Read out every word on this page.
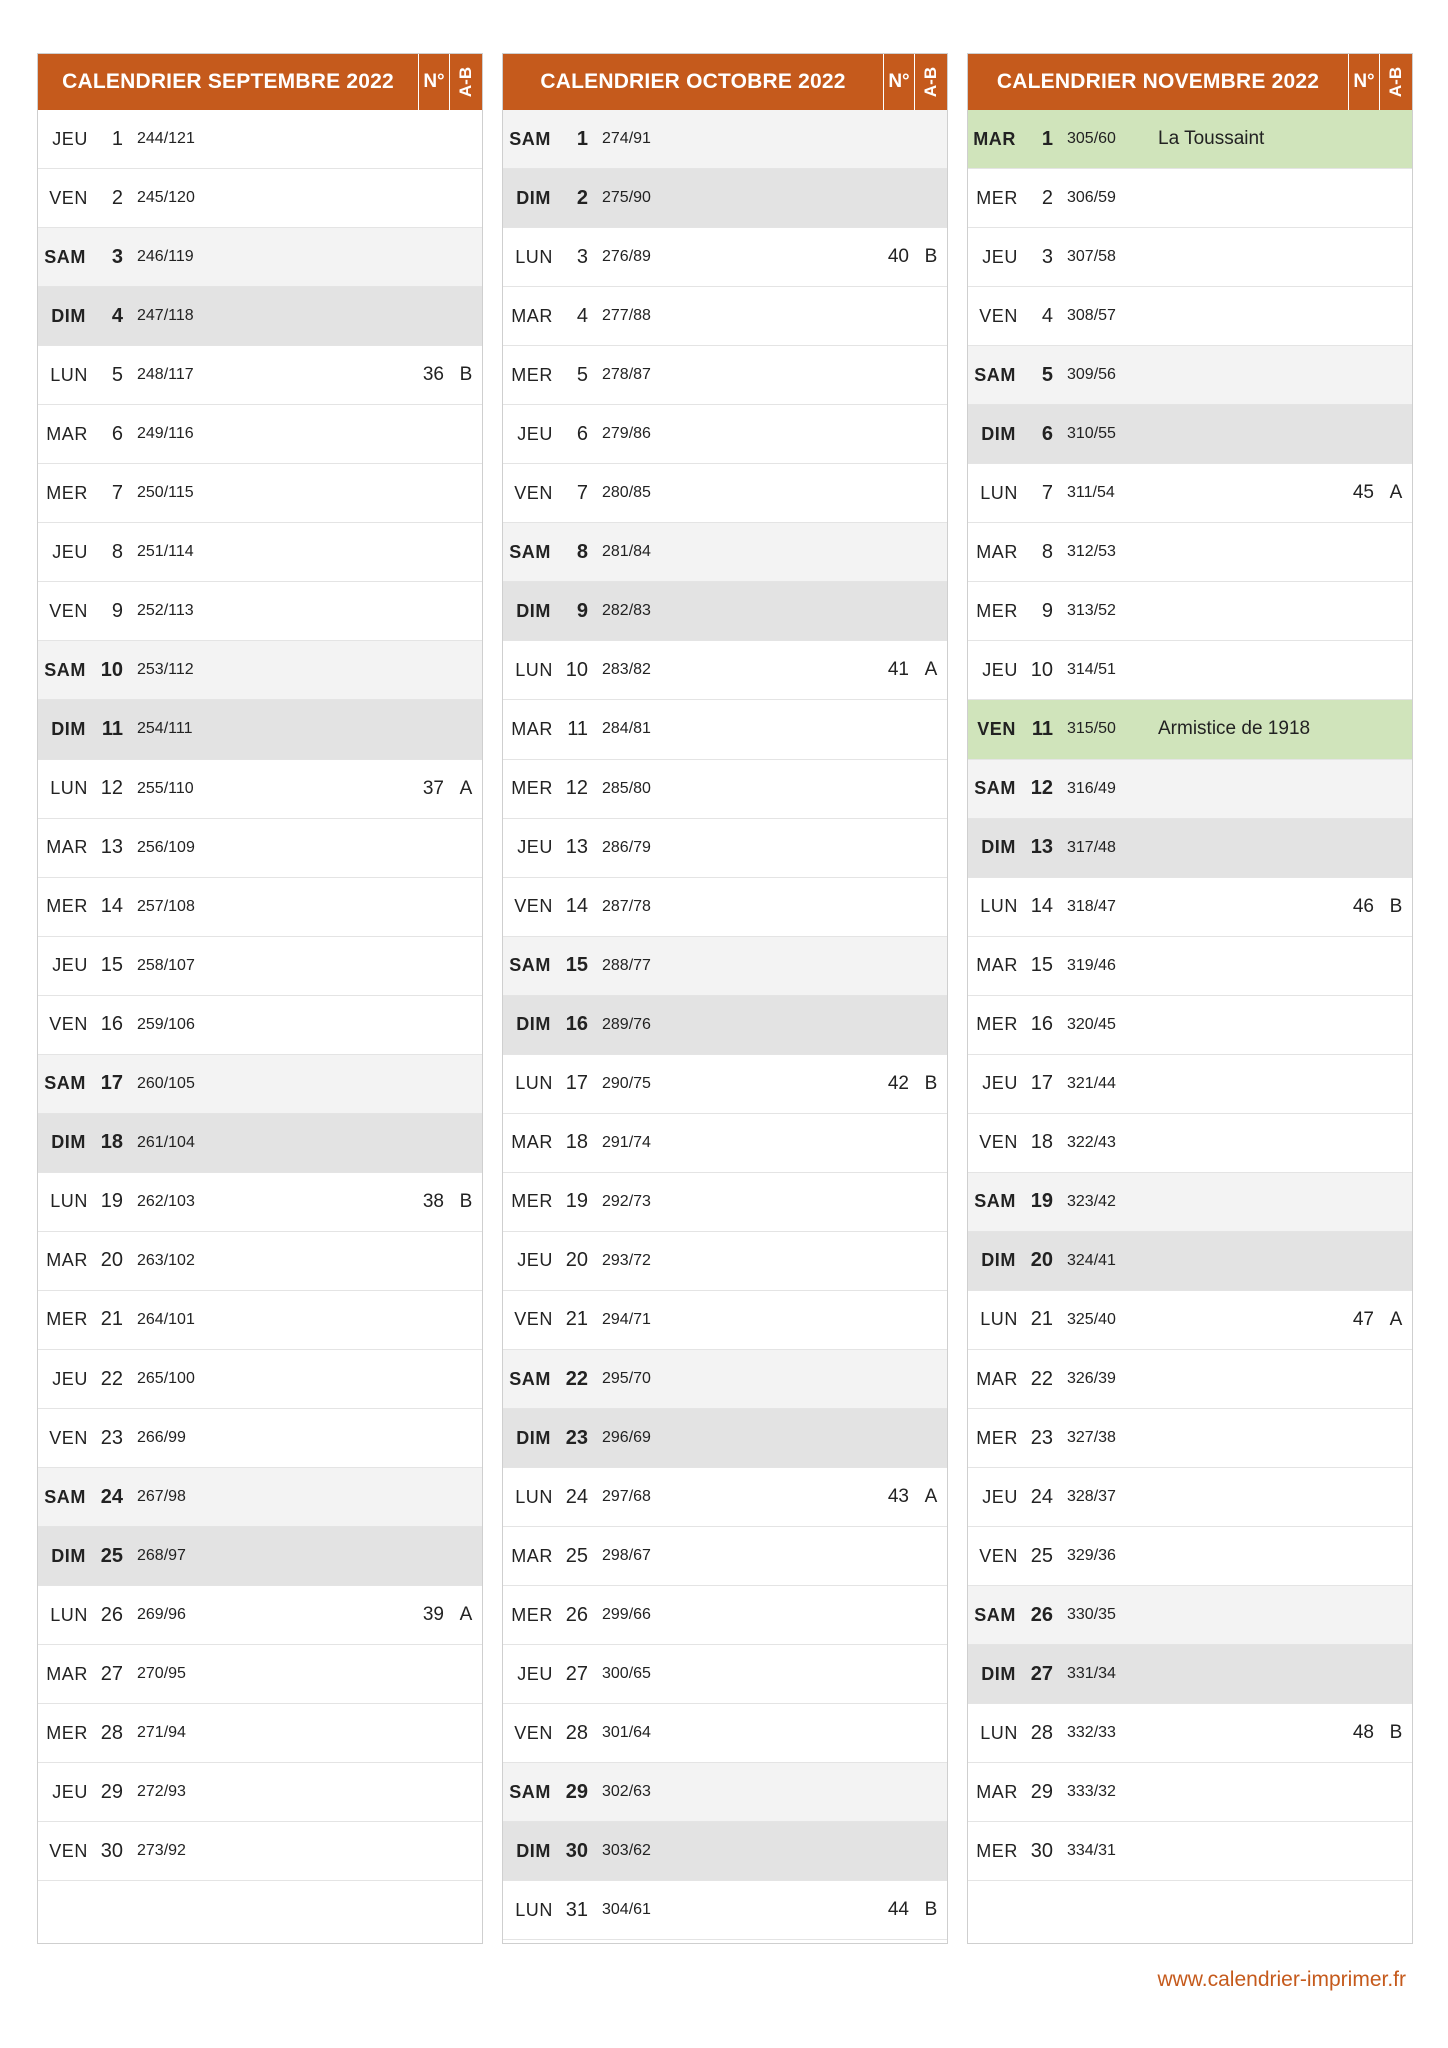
CALENDRIER SEPTEMBRE 2022	N° A-B
JEU	1 244/121
VEN	2 245/120
SAM	3 246/119
DIM	4 247/118
LUN	5 248/117	36 B
MAR	6 249/116
MER	7 250/115
JEU	8 251/114
VEN	9 252/113
SAM 10 253/112
DIM 11 254/111
LUN 12 255/110	37 A
MAR 13 256/109
MER 14 257/108
JEU 15 258/107
VEN 16 259/106
SAM 17 260/105
DIM 18 261/104
LUN 19 262/103	38 B
MAR 20 263/102
MER 21 264/101
JEU 22 265/100
VEN 23 266/99
SAM 24 267/98
DIM 25 268/97
LUN 26 269/96	39 A
MAR 27 270/95
MER 28 271/94
JEU 29 272/93
VEN 30 273/92
CALENDRIER OCTOBRE 2022	N° A-B
SAM	1 274/91
DIM	2 275/90
LUN	3 276/89	40 B
MAR	4 277/88
MER	5 278/87
JEU	6 279/86
VEN	7 280/85
SAM	8 281/84
DIM	9 282/83
LUN 10 283/82	41 A
MAR 11 284/81
MER 12 285/80
JEU 13 286/79
VEN 14 287/78
SAM 15 288/77
DIM 16 289/76
LUN 17 290/75	42 B
MAR 18 291/74
MER 19 292/73
JEU 20 293/72
VEN 21 294/71
SAM 22 295/70
DIM 23 296/69
LUN 24 297/68	43 A
MAR 25 298/67
MER 26 299/66
JEU 27 300/65
VEN 28 301/64
SAM 29 302/63
DIM 30 303/62
LUN 31 304/61	44 B
CALENDRIER NOVEMBRE 2022	N° A-B
MAR	1 305/60 La Toussaint
MER	2 306/59
JEU	3 307/58
VEN	4 308/57
SAM	5 309/56
DIM	6 310/55
LUN	7 311/54	45 A
MAR	8 312/53
MER	9 313/52
JEU 10 314/51
VEN 11 315/50 Armistice de 1918
SAM 12 316/49
DIM 13 317/48
LUN 14 318/47	46 B
MAR 15 319/46
MER 16 320/45
JEU 17 321/44
VEN 18 322/43
SAM 19 323/42
DIM 20 324/41
LUN 21 325/40	47 A
MAR 22 326/39
MER 23 327/38
JEU 24 328/37
VEN 25 329/36
SAM 26 330/35
DIM 27 331/34
LUN 28 332/33	48 B
MAR 29 333/32
MER 30 334/31
www.calendrier-imprimer.fr
